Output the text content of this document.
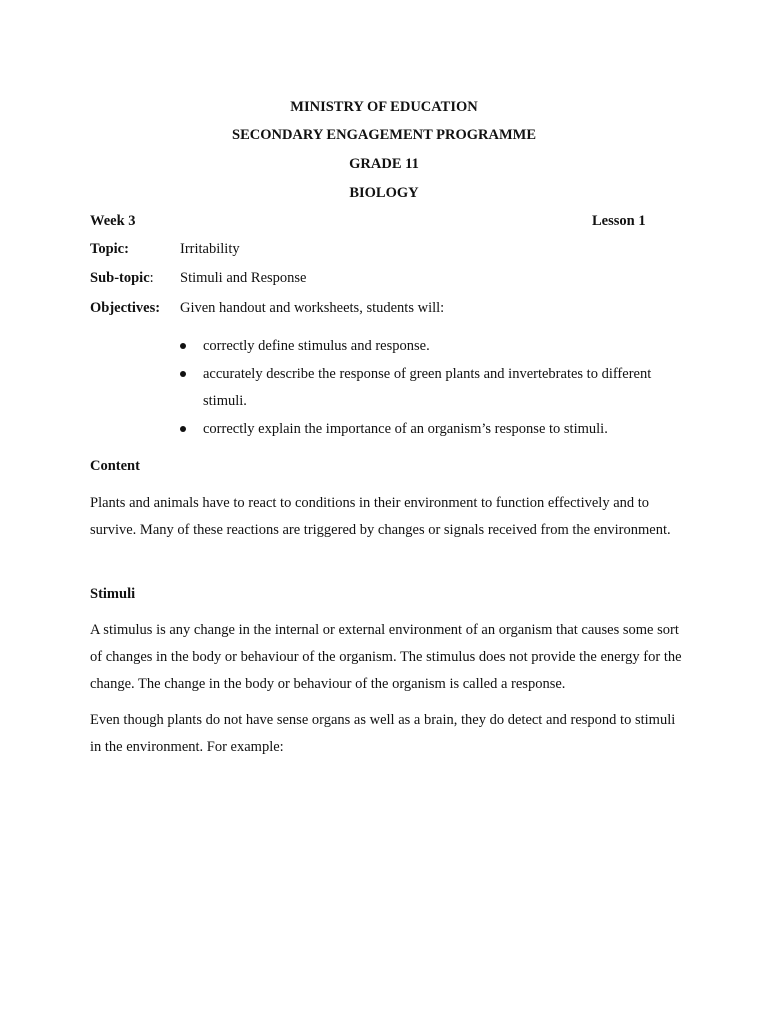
MINISTRY OF EDUCATION
SECONDARY ENGAGEMENT PROGRAMME
GRADE 11
BIOLOGY
Week 3	Lesson 1
Topic:	Irritability
Sub-topic: Stimuli and Response
Objectives: Given handout and worksheets, students will:
correctly define stimulus and response.
accurately describe the response of green plants and invertebrates to different stimuli.
correctly explain the importance of an organism’s response to stimuli.
Content
Plants and animals have to react to conditions in their environment to function effectively and to survive. Many of these reactions are triggered by changes or signals received from the environment.
Stimuli
A stimulus is any change in the internal or external environment of an organism that causes some sort of changes in the body or behaviour of the organism. The stimulus does not provide the energy for the change. The change in the body or behaviour of the organism is called a response.
Even though plants do not have sense organs as well as a brain, they do detect and respond to stimuli in the environment. For example:
